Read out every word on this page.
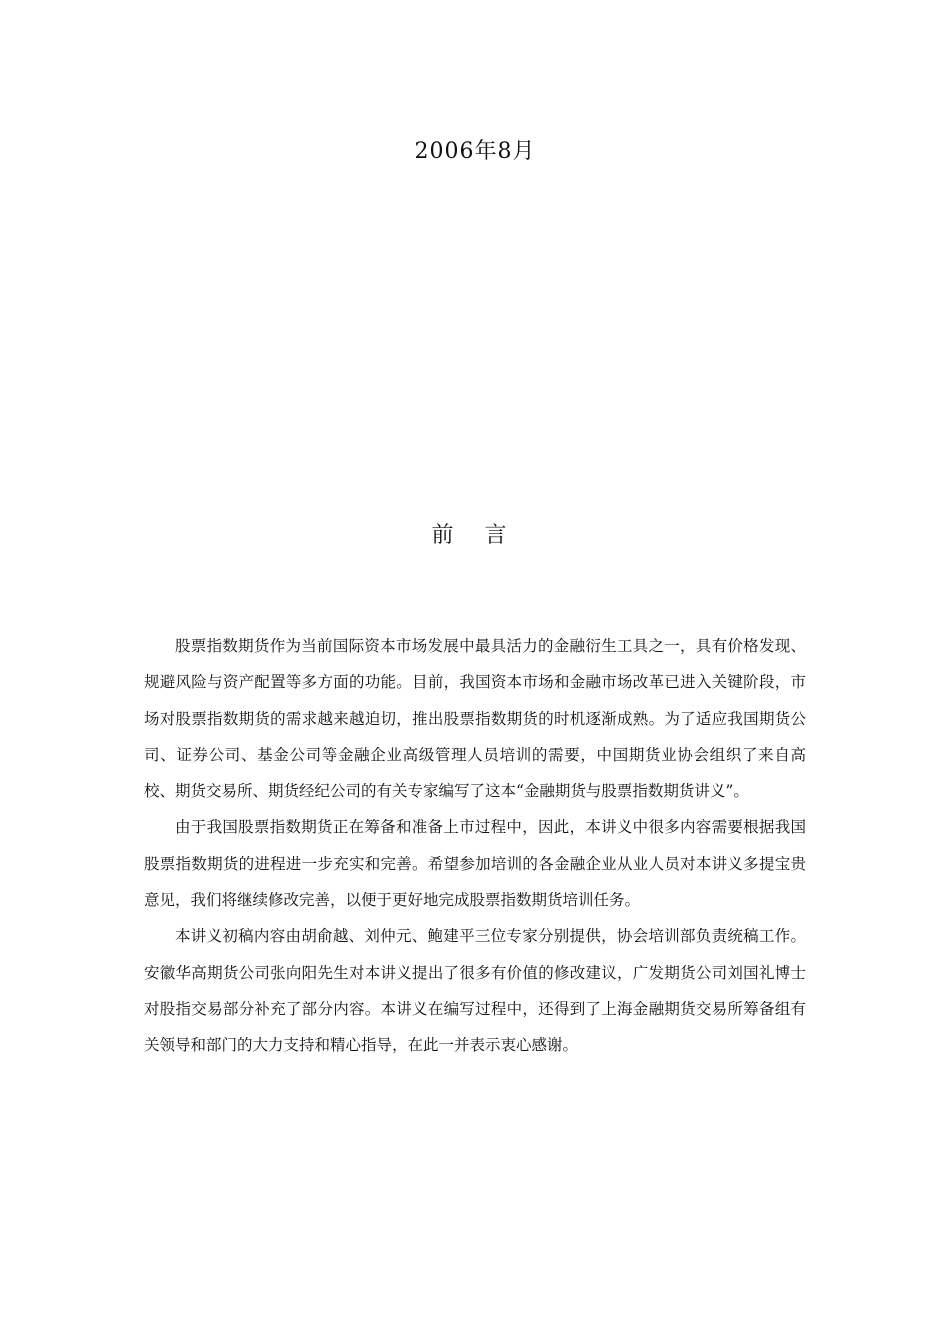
2006年8月
前 言

股票指数期货作为当前国际资本市场发展中最具活力的金融衍生工具之一，具有价格发现、规避风险与资产配置等多方面的功能。目前，我国资本市场和金融市场改革已进入关键阶段，市场对股票指数期货的需求越来越迫切，推出股票指数期货的时机逐渐成熟。为了适应我国期货公司、证券公司、基金公司等金融企业高级管理人员培训的需要，中国期货业协会组织了来自高校、期货交易所、期货经纪公司的有关专家编写了这本“金融期货与股票指数期货讲义”。

由于我国股票指数期货正在筹备和准备上市过程中，因此，本讲义中很多内容需要根据我国股票指数期货的进程进一步充实和完善。希望参加培训的各金融企业从业人员对本讲义多提宝贵意见，我们将继续修改完善，以便于更好地完成股票指数期货培训任务。

本讲义初稿内容由胡俞越、刘仲元、鲍建平三位专家分别提供，协会培训部负责统稿工作。安徽华高期货公司张向阳先生对本讲义提出了很多有价值的修改建议，广发期货公司刘国礼博士对股指交易部分补充了部分内容。本讲义在编写过程中，还得到了上海金融期货交易所筹备组有关领导和部门的大力支持和精心指导，在此一并表示衷心感谢。
